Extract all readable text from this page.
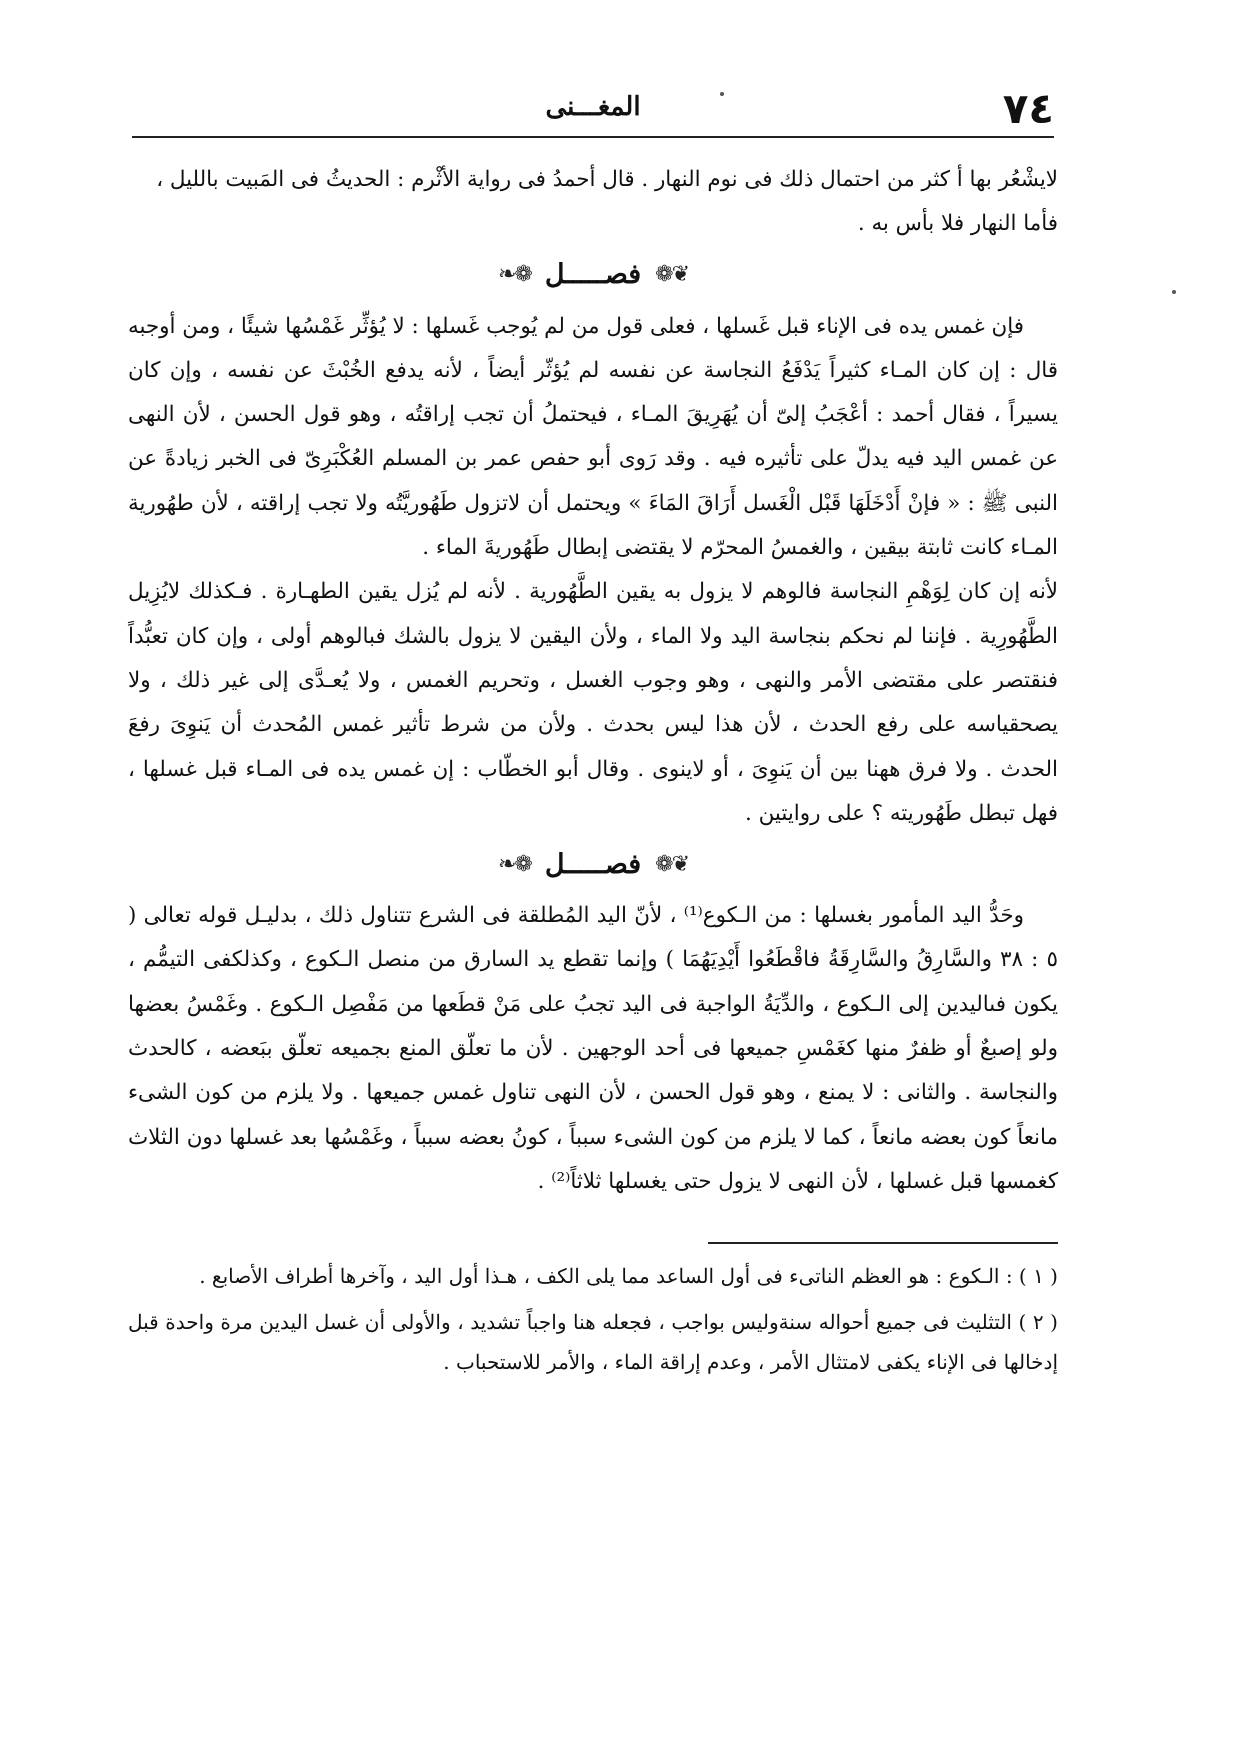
٧٤
المغـــنى

لايشْعُر بها أ كثر من احتمال ذلك فى نوم النهار . قال أحمدُ فى رواية الأثْرم : الحديثُ فى المَبيت بالليل ،

فأما النهار فلا بأس به .

❦❁
فصـــــل
❁❧

فإن غمس يده فى الإناء قبل غَسلها ، فعلى قول من لم يُوجب غَسلها : لا يُؤثِّر غَمْسُها شيئًا ، ومن أوجبه قال : إن كان المـاء كثيراً يَدْفَعُ النجاسة عن نفسه لم يُؤثّر أيضاً ، لأنه يدفع الخُبْثَ عن نفسه ، وإن كان يسيراً ، فقال أحمد : أعْجَبُ إلىّ أن يُهَرِيقَ المـاء ، فيحتملُ أن تجب إراقتُه ، وهو قول الحسن ، لأن النهى عن غمس اليد فيه يدلّ على تأثيره فيه . وقد رَوى أبو حفص عمر بن المسلم العُكْبَرِىّ فى الخبر زيادةً عن النبى ﷺ : « فإنْ أَدْخَلَهَا قَبْل الْغَسل أَرَاقَ المَاءَ » ويحتمل أن لاتزول طَهُوريَّتُه ولا تجب إراقته ، لأن طهُورية المـاء كانت ثابتة بيقين ، والغمسُ المحرّم لا يقتضى إبطال طَهُوريةَ الماء .

لأنه إن كان لِوَهْمِ النجاسة فالوهم لا يزول به يقين الطَّهُورية . لأنه لم يُزل يقين الطهـارة . فـكذلك لايُزِيل الطَّهُورِية . فإننا لم نحكم بنجاسة اليد ولا الماء ، ولأن اليقين لا يزول بالشك فبالوهم أولى ، وإن كان تعبُّداً فنقتصر على مقتضى الأمر والنهى ، وهو وجوب الغسل ، وتحريم الغمس ، ولا يُعـدَّى إلى غير ذلك ، ولا يصحقياسه على رفع الحدث ، لأن هذا ليس بحدث . ولأن من شرط تأثير غمس المُحدث أن يَنوِىَ رفعَ الحدث . ولا فرق ههنا بين أن يَنوِىَ ، أو لاينوى . وقال أبو الخطّاب : إن غمس يده فى المـاء قبل غسلها ، فهل تبطل طَهُوريته ؟ على روايتين .

❦❁
فصـــــل
❁❧

وحَدُّ اليد المأمور بغسلها : من الـكوع⁽¹⁾ ، لأنّ اليد المُطلقة فى الشرع تتناول ذلك ، بدليـل قوله تعالى ( ٥ : ٣٨ والسَّارِقُ والسَّارِقَةُ فاقْطَعُوا أَيْدِيَهُمَا ) وإنما تقطع يد السارق من منصل الـكوع ، وكذلكفى التيمُّم ، يكون فىاليدين إلى الـكوع ، والدِّيَةُ الواجبة فى اليد تجبُ على مَنْ قطَعها من مَفْصِل الـكوع . وغَمْسُ بعضها ولو إصبعٌ أو ظفرٌ منها كغَمْسِ جميعها فى أحد الوجهين . لأن ما تعلّق المنع بجميعه تعلّق ببَعضه ، كالحدث والنجاسة . والثانى : لا يمنع ، وهو قول الحسن ، لأن النهى تناول غمس جميعها . ولا يلزم من كون الشىء مانعاً كون بعضه مانعاً ، كما لا يلزم من كون الشىء سبباً ، كونُ بعضه سبباً ، وغَمْسُها بعد غسلها دون الثلاث كغمسها قبل غسلها ، لأن النهى لا يزول حتى يغسلها ثلاثاً⁽²⁾ .

( ١ ) : الـكوع : هو العظم الناتىء فى أول الساعد مما يلى الكف ، هـذا أول اليد ، وآخرها أطراف الأصابع .

( ٢ ) التثليث فى جميع أحواله سنةوليس بواجب ، فجعله هنا واجباً تشديد ، والأولى أن غسل اليدين مرة واحدة قبل إدخالها فى الإناء يكفى لامتثال الأمر ، وعدم إراقة الماء ، والأمر للاستحباب .
